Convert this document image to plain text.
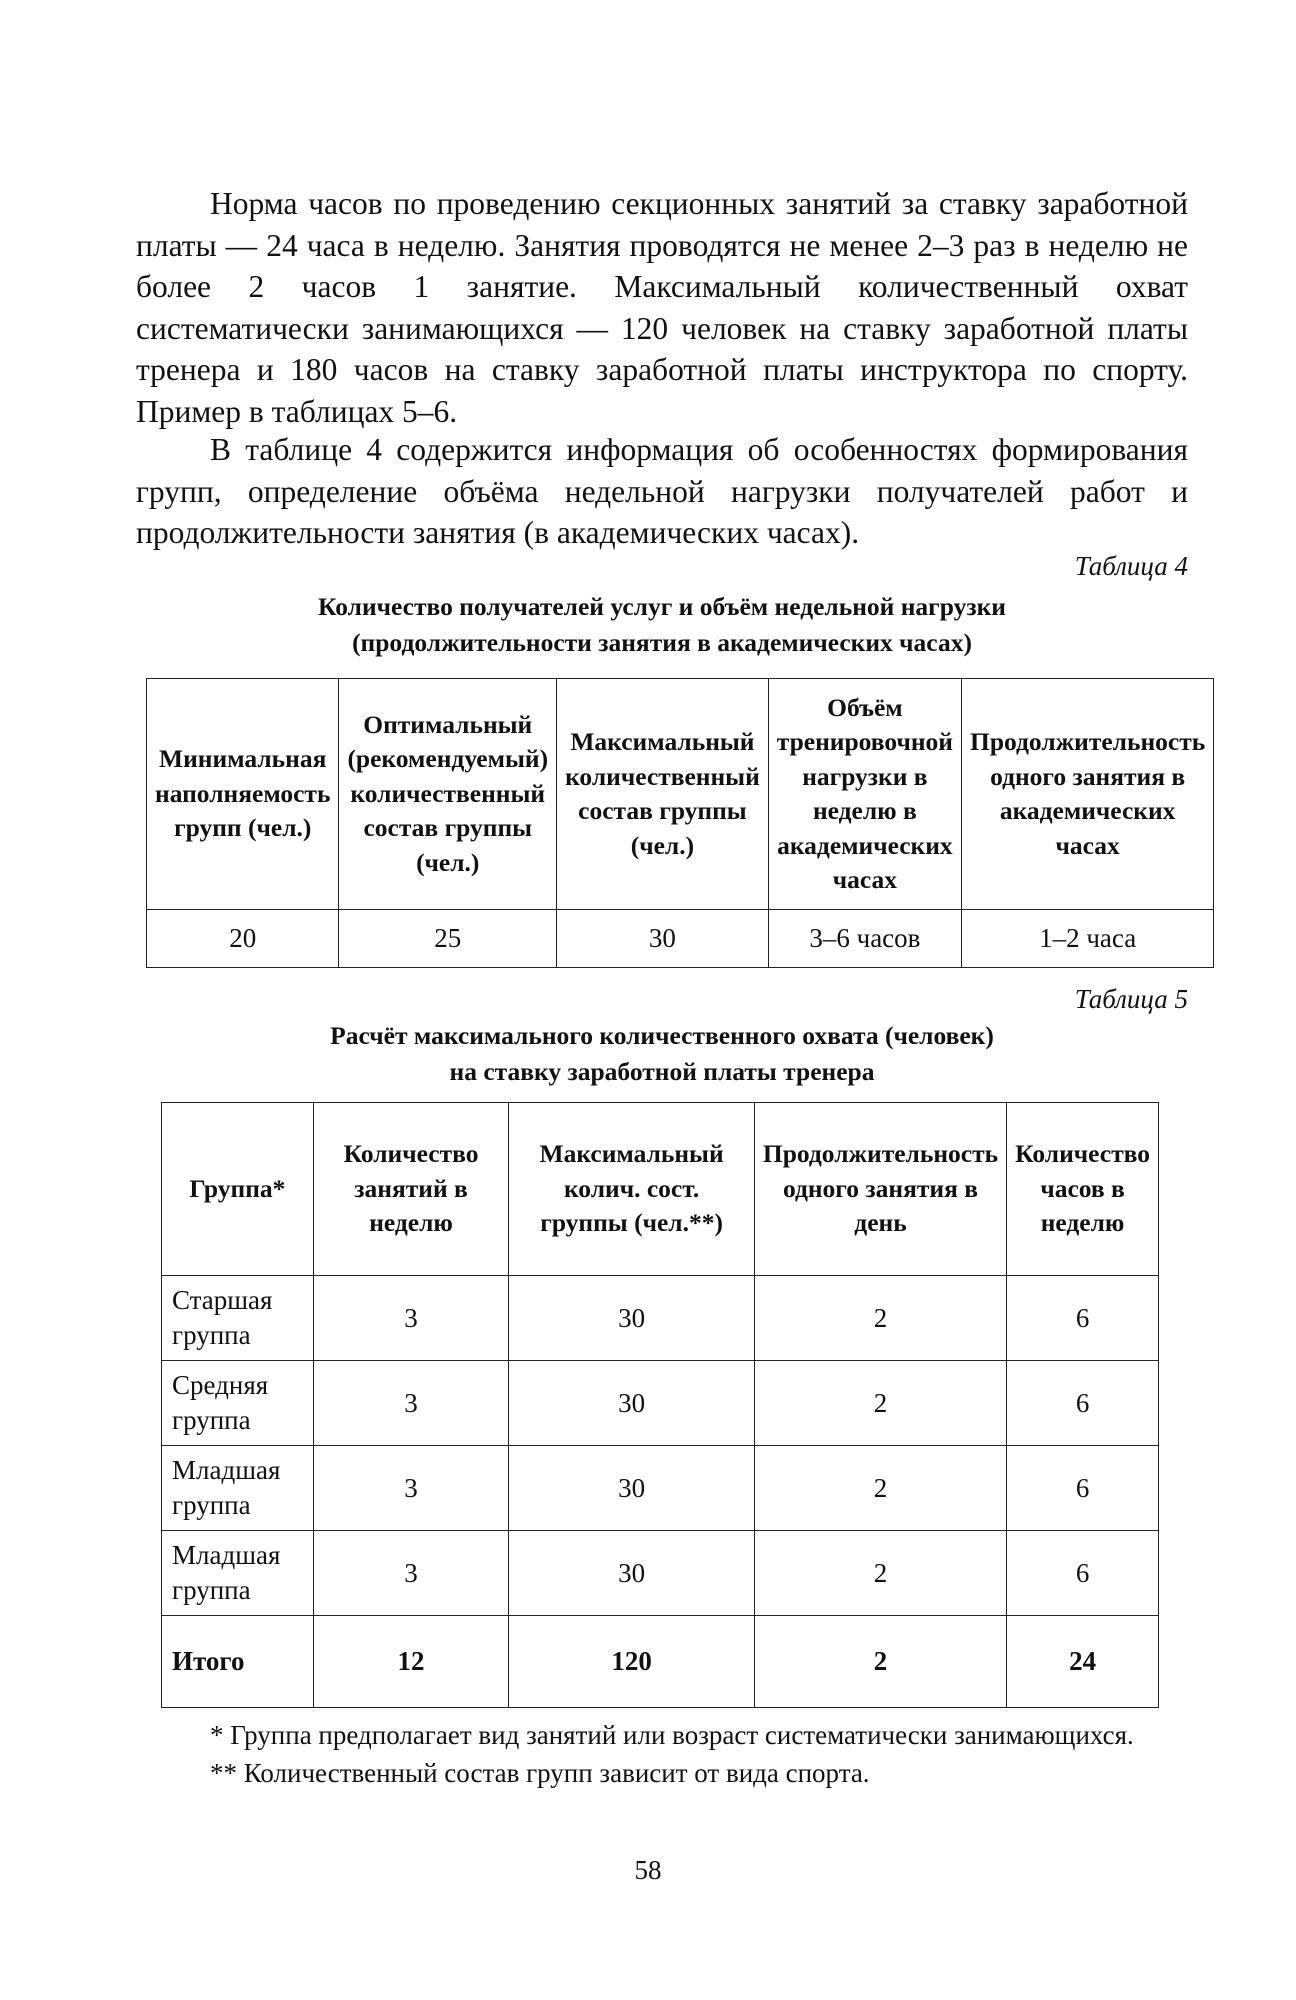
Норма часов по проведению секционных занятий за ставку заработной платы — 24 часа в неделю. Занятия проводятся не менее 2–3 раз в неделю не более 2 часов 1 занятие. Максимальный количественный охват систематически занимающихся — 120 человек на ставку заработной платы тренера и 180 часов на ставку заработной платы инструктора по спорту. Пример в таблицах 5–6.

В таблице 4 содержится информация об особенностях формирования групп, определение объёма недельной нагрузки получателей работ и продолжительности занятия (в академических часах).

Таблица 4
Количество получателей услуг и объём недельной нагрузки
(продолжительности занятия в академических часах)
Минимальная наполняемость групп (чел.)	Оптимальный (рекомендуемый) количественный состав группы (чел.)	Максимальный количественный состав группы (чел.)	Объём тренировочной нагрузки в неделю в академических часах	Продолжительность одного занятия в академических часах
20	25	30	3–6 часов	1–2 часа
Таблица 5
Расчёт максимального количественного охвата (человек)
на ставку заработной платы тренера
Группа*	Количество занятий в неделю	Максимальный колич. сост. группы (чел.**)	Продолжительность одного занятия в день	Количество часов в неделю
Старшая группа	3	30	2	6
Средняя группа	3	30	2	6
Младшая группа	3	30	2	6
Младшая группа	3	30	2	6
Итого	12	120	2	24

* Группа предполагает вид занятий или возраст систематически занимающихся.

** Количественный состав групп зависит от вида спорта.

58
